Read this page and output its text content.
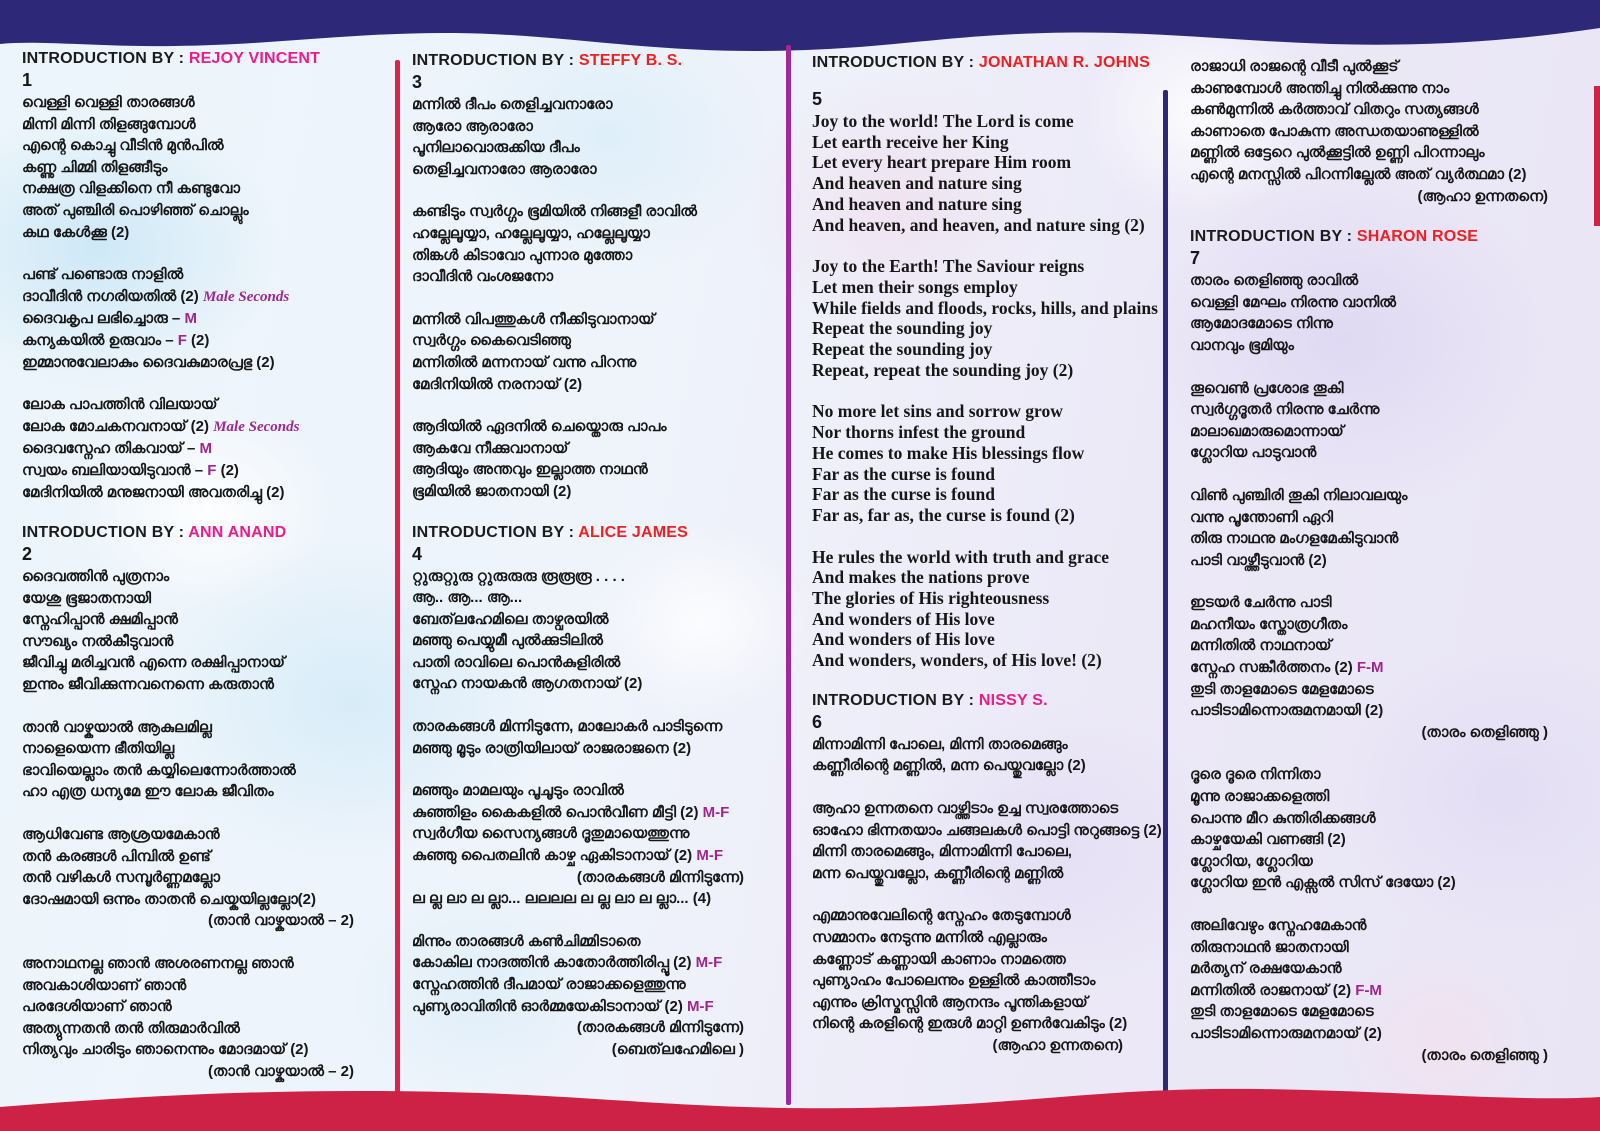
INTRODUCTION BY : REJOY VINCENT
1
വെള്ളി വെള്ളി താരങ്ങൾ
മിന്നി മിന്നി തിളങ്ങുമ്പോൾ
എന്റെ കൊച്ചു വീടിൻ മുൻപിൽ
കണ്ണു ചിമ്മി തിളങ്ങീടും
നക്ഷത്ര വിളക്കിനെ നീ കണ്ടുവോ
അത് പുഞ്ചിരി പൊഴിഞ്ഞ് ചൊല്ലും
കഥ കേൾക്കൂ (2)
പണ്ട് പണ്ടൊരു നാളിൽ
ദാവീദിൻ നഗരിയതിൽ (2) Male Seconds
ദൈവകൃപ ലഭിച്ചൊരു – M
കന്യകയിൽ ഉരുവാം – F (2)
ഇമ്മാനുവേലാകും ദൈവകുമാരപ്രഭു (2)
ലോക പാപത്തിൻ വിലയായ്
ലോക മോചകനവനായ് (2) Male Seconds
ദൈവസ്നേഹ തികവായ് – M
സ്വയം ബലിയായിടുവാൻ – F (2)
മേദിനിയിൽ മനുജനായി അവതരിച്ചു (2)
INTRODUCTION BY : ANN ANAND
2
ദൈവത്തിൻ പുത്രനാം
യേശു ഭൂജാതനായി
സ്നേഹിപ്പാൻ ക്ഷമിപ്പാൻ
സൗഖ്യം നൽകീടുവാൻ
ജീവിച്ചു മരിച്ചവൻ എന്നെ രക്ഷിപ്പാനായ്
ഇന്നും ജീവിക്കുന്നവനെന്നെ കരുതാൻ
താൻ വാഴ്കയാൽ ആകുലമില്ല
നാളെയെന്ന ഭീതിയില്ല
ഭാവിയെല്ലാം തൻ കയ്യിലെന്നോർത്താൽ
ഹാ എത്ര ധന്യമേ ഈ ലോക ജീവിതം
ആധിവേണ്ട ആശ്രയമേകാൻ
തൻ കരങ്ങൾ പിമ്പിൽ ഉണ്ട്
തൻ വഴികൾ സമ്പൂർണ്ണമല്ലോ
ദോഷമായി ഒന്നും താതൻ ചെയ്കയില്ലല്ലോ(2)
(താൻ വാഴ്കയാൽ – 2)
അനാഥനല്ല ഞാൻ അശരണനല്ല ഞാൻ
അവകാശിയാണ് ഞാൻ
പരദേശിയാണ് ഞാൻ
അത്യുന്നതൻ തൻ തിരുമാർവിൽ
നിത്യവും ചാരിടും ഞാനെന്നും മോദമായ് (2)
(താൻ വാഴ്കയാൽ – 2)
INTRODUCTION BY : STEFFY B. S.
3
മന്നിൽ ദീപം തെളിച്ചവനാരോ
ആരോ ആരാരോ
പൂനിലാവൊരുക്കിയ ദീപം
തെളിച്ചവനാരോ ആരാരോ
കണ്ടിടും സ്വർഗ്ഗം ഭൂമിയിൽ നിങ്ങളീ രാവിൽ
ഹല്ലേലൂയ്യാ, ഹല്ലേലൂയ്യാ, ഹല്ലേലൂയ്യാ
തിങ്കൾ കിടാവോ പുന്നാര മുത്തോ
ദാവീദിൻ വംശജനോ
മന്നിൽ വിപത്തുകൾ നീക്കിടുവാനായ്
സ്വർഗ്ഗം കൈവെടിഞ്ഞു
മന്നിതിൽ മന്നനായ് വന്നു പിറന്നു
മേദിനിയിൽ നരനായ് (2)
ആദിയിൽ ഏദനിൽ ചെയ്തൊരു പാപം
ആകവേ നീക്കുവാനായ്
ആദിയും അന്തവും ഇല്ലാത്ത നാഥൻ
ഭൂമിയിൽ ജാതനായി (2)
INTRODUCTION BY : ALICE JAMES
4
റ്റുരുറ്റുരു റ്റുരുരുരു രൂരൂരൂ . . . .
ആ.. ആ... ആ...
ബേത്‌ലഹേമിലെ താഴ്വരയിൽ
മഞ്ഞു പെയ്യുമീ പുൽക്കുടിലിൽ
പാതി രാവിലെ പൊൻകുളിരിൽ
സ്നേഹ നായകൻ ആഗതനായ് (2)
താരകങ്ങൾ മിന്നിടുന്നേ, മാലോകർ പാടിടുന്നെ
മഞ്ഞു മൂടും രാത്രിയിലായ് രാജരാജനെ (2)
മഞ്ഞും മാമലയും പൂചൂടും രാവിൽ
കുഞ്ഞിളം കൈകളിൽ പൊൻവീണ മീട്ടി (2) M-F
സ്വർഗീയ സൈന്യങ്ങൾ ദൂതുമായെത്തുന്നു
കുഞ്ഞു പൈതലിൻ കാഴ്ച ഏകിടാനായ് (2) M-F
(താരകങ്ങൾ മിന്നിടുന്നേ)
ല ല്ല ലാ ല ല്ലാ... ലലലല ല ല്ല ലാ ല ല്ലാ... (4)
മിന്നും താരങ്ങൾ കൺചിമ്മിടാതെ
കോകില നാദത്തിൻ കാതോർത്തിരിപ്പൂ (2) M-F
സ്നേഹത്തിൻ ദീപമായ് രാജാക്കളെത്തുന്നു
പുണ്യരാവിതിൻ ഓർമ്മയേകിടാനായ് (2) M-F
(താരകങ്ങൾ മിന്നിടുന്നേ)
(ബെത്‌ലഹേമിലെ )
INTRODUCTION BY : JONATHAN R. JOHNS
5
Joy to the world! The Lord is come
Let earth receive her King
Let every heart prepare Him room
And heaven and nature sing
And heaven and nature sing
And heaven, and heaven, and nature sing (2)
Joy to the Earth! The Saviour reigns
Let men their songs employ
While fields and floods, rocks, hills, and plains
Repeat the sounding joy
Repeat the sounding joy
Repeat, repeat the sounding joy (2)
No more let sins and sorrow grow
Nor thorns infest the ground
He comes to make His blessings flow
Far as the curse is found
Far as the curse is found
Far as, far as, the curse is found (2)
He rules the world with truth and grace
And makes the nations prove
The glories of His righteousness
And wonders of His love
And wonders of His love
And wonders, wonders, of His love! (2)
INTRODUCTION BY : NISSY S.
6
മിന്നാമിന്നി പോലെ, മിന്നി താരമെങ്ങും
കണ്ണീരിന്റെ മണ്ണിൽ, മന്ന പെയ്തുവല്ലോ (2)
ആഹാ ഉന്നതനെ വാഴ്ത്തിടാം ഉച്ച സ്വരത്തോടെ
ഓഹോ ഭിന്നതയാം ചങ്ങലകൾ പൊട്ടി നുറുങ്ങട്ടെ (2)
മിന്നി താരമെങ്ങും, മിന്നാമിന്നി പോലെ,
മന്ന പെയ്തുവല്ലോ, കണ്ണീരിന്റെ മണ്ണിൽ
എമ്മാനുവേലിന്റെ സ്നേഹം തേടുമ്പോൾ
സമ്മാനം നേടുന്നു മന്നിൽ എല്ലാരും
കണ്ണോട് കണ്ണായി കാണാം നാമത്തെ
പുണ്യാഹം പോലെന്നും ഉള്ളിൽ കാത്തീടാം
എന്നും ക്രിസ്മസ്സിൻ ആനന്ദം പൂന്തികളായ്
നിന്റെ കരളിന്റെ ഇരുൾ മാറ്റി ഉണർവേകിടും (2)
(ആഹാ ഉന്നതനെ)
രാജാധി രാജന്റെ വീടീ പുൽക്കൂട്
കാണുമ്പോൾ അന്തിച്ചു നിൽക്കുന്നു നാം
കൺമുന്നിൽ കർത്താവ് വിതറും സത്യങ്ങൾ
കാണാതെ പോകുന്ന അന്ധതയാണുള്ളിൽ
മണ്ണിൽ ഒട്ടേറെ പുൽക്കൂട്ടിൽ ഉണ്ണി പിറന്നാലും
എന്റെ മനസ്സിൽ പിറന്നില്ലേൽ അത് വ്യർത്ഥമാ (2)
(ആഹാ ഉന്നതനെ)
INTRODUCTION BY : SHARON ROSE
7
താരം തെളിഞ്ഞു രാവിൽ
വെള്ളി മേഘം നിരന്നു വാനിൽ
ആമോദമോടെ നിന്നു
വാനവും ഭൂമിയും
തൂവെൺ പ്രശോഭ തൂകി
സ്വർഗ്ഗദൂതർ നിരന്നു ചേർന്നു
മാലാഖമാരുമൊന്നായ്
ഗ്ലോറിയ പാടുവാൻ
വിൺ പുഞ്ചിരി തൂകി നിലാവലയും
വന്നു പൂന്തോണി ഏറി
തിരു നാഥനു മംഗളമേകിടുവാൻ
പാടി വാഴ്ത്തീടുവാൻ (2)
ഇടയർ ചേർന്നു പാടി
മഹനീയം സ്തോത്രഗീതം
മന്നിതിൽ നാഥനായ്
സ്നേഹ സങ്കീർത്തനം (2) F-M
തുടി താളമോടെ മേളമോടെ
പാടിടാമിന്നൊരുമനമായി (2)
(താരം തെളിഞ്ഞു )
ദൂരെ ദൂരെ നിന്നിതാ
മൂന്നു രാജാക്കളെത്തി
പൊന്നു മീറ കുന്തിരിക്കങ്ങൾ
കാഴ്ചയേകി വണങ്ങി (2)
ഗ്ലോറിയ, ഗ്ലോറിയ
ഗ്ലോറിയ ഇൻ എക്സൽ സിസ് ദേയോ (2)
അലിവേഴും സ്നേഹമേകാൻ
തിരുനാഥൻ ജാതനായി
മർത്യന് രക്ഷയേകാൻ
മന്നിതിൽ രാജനായ് (2) F-M
തുടി താളമോടെ മേളമോടെ
പാടിടാമിന്നൊരുമനമായ് (2)
(താരം തെളിഞ്ഞു )
